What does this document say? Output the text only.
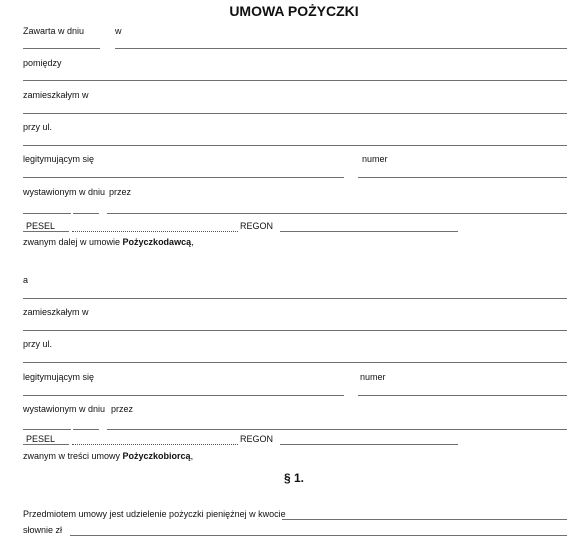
UMOWA POŻYCZKI
Zawarta w dniu	w
pomiędzy
zamieszkałym w
przy ul.
legitymującym się	numer
wystawionym w dniu przez
PESEL	REGON
zwanym dalej w umowie Pożyczkodawcą,
a
zamieszkałym w
przy ul.
legitymującym się	numer
wystawionym w dniu przez
PESEL	REGON
zwanym w treści umowy Pożyczkobiorcą,
§ 1.
Przedmiotem umowy jest udzielenie pożyczki pieniężnej w kwocie
słownie zł
